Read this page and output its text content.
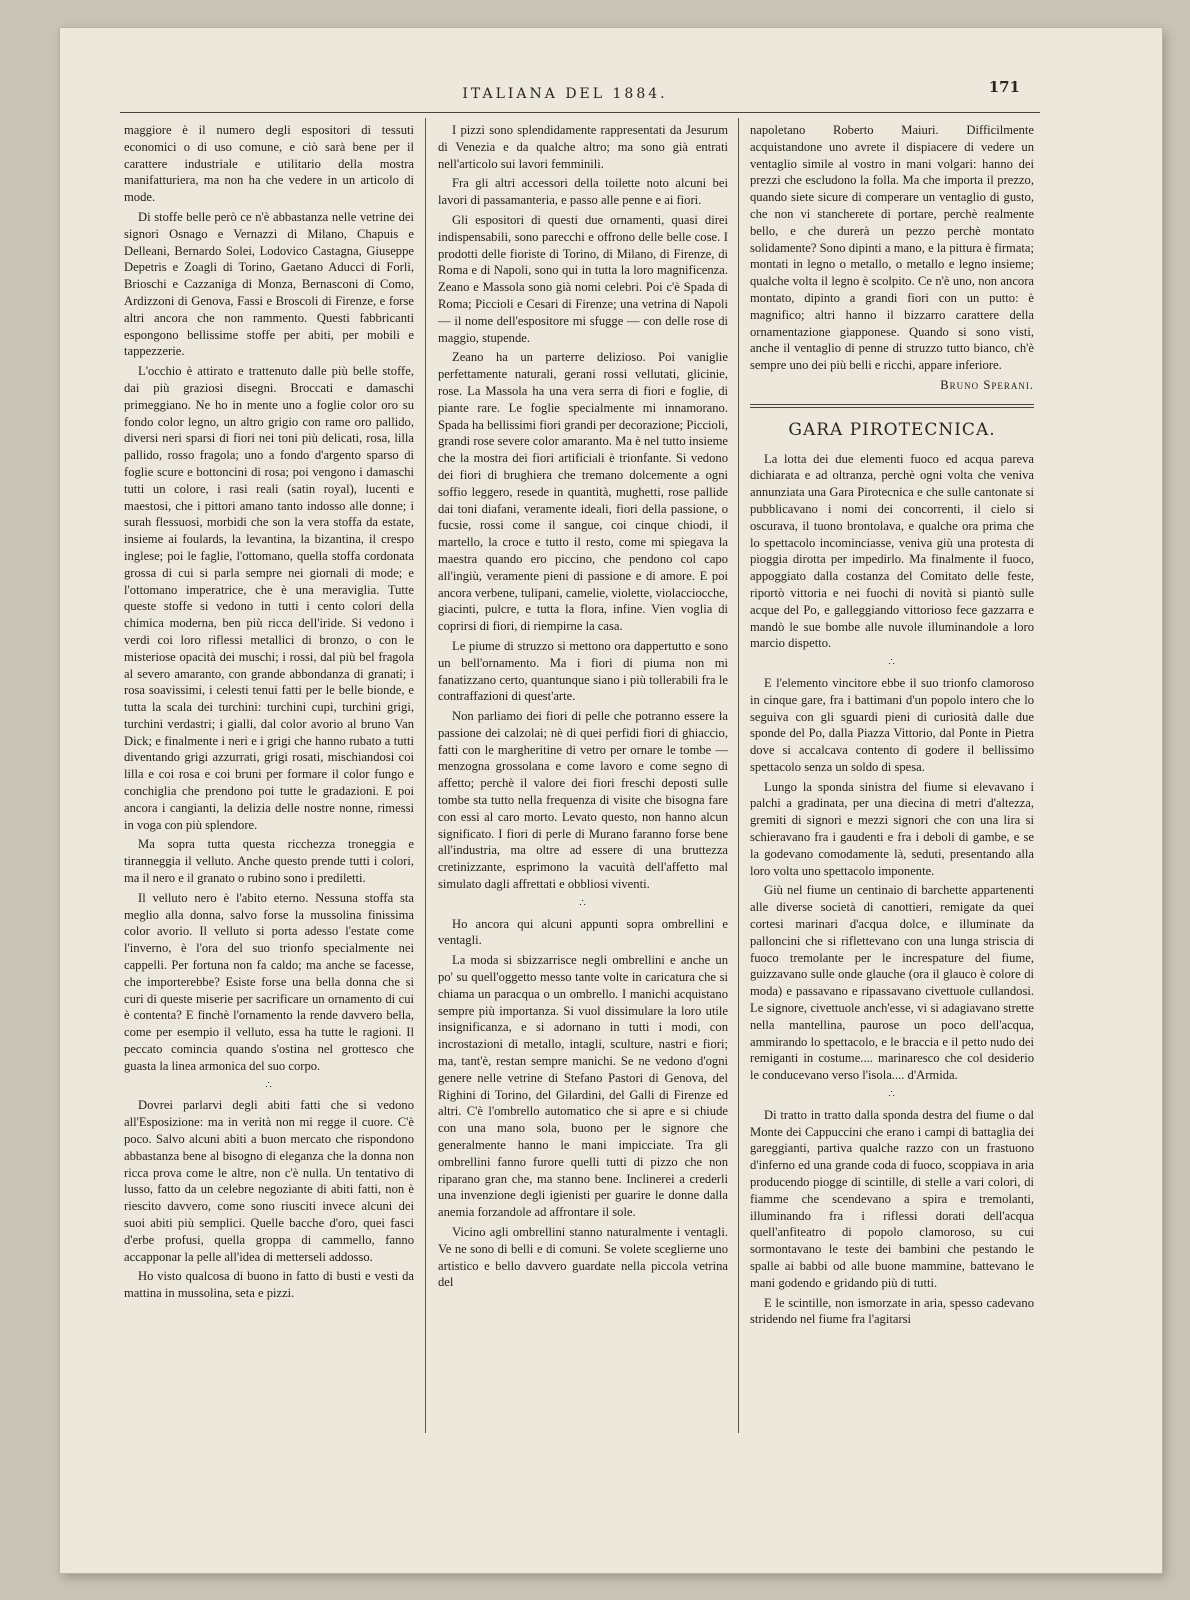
ITALIANA DEL 1884.	171

maggiore è il numero degli espositori di tessuti economici o di uso comune, e ciò sarà bene per il carattere industriale e utilitario della mostra manifatturiera, ma non ha che vedere in un articolo di mode.

Di stoffe belle però ce n'è abbastanza nelle vetrine dei signori Osnago e Vernazzi di Milano, Chapuis e Delleani, Bernardo Solei, Lodovico Castagna, Giuseppe Depetris e Zoagli di Torino, Gaetano Aducci di Forlì, Brioschi e Cazzaniga di Monza, Bernasconi di Como, Ardizzoni di Genova, Fassi e Broscoli di Firenze, e forse altri ancora che non rammento. Questi fabbricanti espongono bellissime stoffe per abiti, per mobili e tappezzerie.

L'occhio è attirato e trattenuto dalle più belle stoffe, dai più graziosi disegni. Broccati e damaschi primeggiano. Ne ho in mente uno a foglie color oro su fondo color legno, un altro grigio con rame oro pallido, diversi neri sparsi di fiori nei toni più delicati, rosa, lilla pallido, rosso fragola; uno a fondo d'argento sparso di foglie scure e bottoncini di rosa; poi vengono i damaschi tutti un colore, i rasi reali (satin royal), lucenti e maestosi, che i pittori amano tanto indosso alle donne; i surah flessuosi, morbidi che son la vera stoffa da estate, insieme ai foulards, la levantina, la bizantina, il crespo inglese; poi le faglie, l'ottomano, quella stoffa cordonata grossa di cui si parla sempre nei giornali di mode; e l'ottomano imperatrice, che è una meraviglia. Tutte queste stoffe si vedono in tutti i cento colori della chimica moderna, ben più ricca dell'iride. Si vedono i verdi coi loro riflessi metallici di bronzo, o con le misteriose opacità dei muschi; i rossi, dal più bel fragola al severo amaranto, con grande abbondanza di granati; i rosa soavissimi, i celesti tenui fatti per le belle bionde, e tutta la scala dei turchini: turchini cupi, turchini grigi, turchini verdastri; i gialli, dal color avorio al bruno Van Dick; e finalmente i neri e i grigi che hanno rubato a tutti diventando grigi azzurrati, grigi rosati, mischiandosi coi lilla e coi rosa e coi bruni per formare il color fungo e conchiglia che prendono poi tutte le gradazioni. E poi ancora i cangianti, la delizia delle nostre nonne, rimessi in voga con più splendore.

Ma sopra tutta questa ricchezza troneggia e tiranneggia il velluto. Anche questo prende tutti i colori, ma il nero e il granato o rubino sono i prediletti.

Il velluto nero è l'abito eterno. Nessuna stoffa sta meglio alla donna, salvo forse la mussolina finissima color avorio. Il velluto si porta adesso l'estate come l'inverno, è l'ora del suo trionfo specialmente nei cappelli. Per fortuna non fa caldo; ma anche se facesse, che importerebbe? Esiste forse una bella donna che si curi di queste miserie per sacrificare un ornamento di cui è contenta? E finchè l'ornamento la rende davvero bella, come per esempio il velluto, essa ha tutte le ragioni. Il peccato comincia quando s'ostina nel grottesco che guasta la linea armonica del suo corpo.

∴

Dovrei parlarvi degli abiti fatti che si vedono all'Esposizione: ma in verità non mi regge il cuore. C'è poco. Salvo alcuni abiti a buon mercato che rispondono abbastanza bene al bisogno di eleganza che la donna non ricca prova come le altre, non c'è nulla. Un tentativo di lusso, fatto da un celebre negoziante di abiti fatti, non è riescito davvero, come sono riusciti invece alcuni dei suoi abiti più semplici. Quelle bacche d'oro, quei fasci d'erbe profusi, quella groppa di cammello, fanno accapponar la pelle all'idea di metterseli addosso.

Ho visto qualcosa di buono in fatto di busti e vesti da mattina in mussolina, seta e pizzi.

I pizzi sono splendidamente rappresentati da Jesurum di Venezia e da qualche altro; ma sono già entrati nell'articolo sui lavori femminili.

Fra gli altri accessori della toilette noto alcuni bei lavori di passamanteria, e passo alle penne e ai fiori.

Gli espositori di questi due ornamenti, quasi direi indispensabili, sono parecchi e offrono delle belle cose. I prodotti delle fioriste di Torino, di Milano, di Firenze, di Roma e di Napoli, sono qui in tutta la loro magnificenza. Zeano e Massola sono già nomi celebri. Poi c'è Spada di Roma; Piccioli e Cesari di Firenze; una vetrina di Napoli — il nome dell'espositore mi sfugge — con delle rose di maggio, stupende.

Zeano ha un parterre delizioso. Poi vaniglie perfettamente naturali, gerani rossi vellutati, glicinie, rose. La Massola ha una vera serra di fiori e foglie, di piante rare. Le foglie specialmente mi innamorano. Spada ha bellissimi fiori grandi per decorazione; Piccioli, grandi rose severe color amaranto. Ma è nel tutto insieme che la mostra dei fiori artificiali è trionfante. Si vedono dei fiori di brughiera che tremano dolcemente a ogni soffio leggero, resede in quantità, mughetti, rose pallide dai toni diafani, veramente ideali, fiori della passione, o fucsie, rossi come il sangue, coi cinque chiodi, il martello, la croce e tutto il resto, come mi spiegava la maestra quando ero piccino, che pendono col capo all'ingiù, veramente pieni di passione e di amore. E poi ancora verbene, tulipani, camelie, violette, violacciocche, giacinti, pulcre, e tutta la flora, infine. Vien voglia di coprirsi di fiori, di riempirne la casa.

Le piume di struzzo si mettono ora dappertutto e sono un bell'ornamento. Ma i fiori di piuma non mi fanatizzano certo, quantunque siano i più tollerabili fra le contraffazioni di quest'arte.

Non parliamo dei fiori di pelle che potranno essere la passione dei calzolai; nè di quei perfidi fiori di ghiaccio, fatti con le margheritine di vetro per ornare le tombe — menzogna grossolana e come lavoro e come segno di affetto; perchè il valore dei fiori freschi deposti sulle tombe sta tutto nella frequenza di visite che bisogna fare con essi al caro morto. Levato questo, non hanno alcun significato. I fiori di perle di Murano faranno forse bene all'industria, ma oltre ad essere di una bruttezza cretinizzante, esprimono la vacuità dell'affetto mal simulato dagli affrettati e obbliosi viventi.

∴

Ho ancora qui alcuni appunti sopra ombrellini e ventagli.

La moda si sbizzarrisce negli ombrellini e anche un po' su quell'oggetto messo tante volte in caricatura che si chiama un paracqua o un ombrello. I manichi acquistano sempre più importanza. Si vuol dissimulare la loro utile insignificanza, e si adornano in tutti i modi, con incrostazioni di metallo, intagli, sculture, nastri e fiori; ma, tant'è, restan sempre manichi. Se ne vedono d'ogni genere nelle vetrine di Stefano Pastori di Genova, del Righini di Torino, del Gilardini, del Galli di Firenze ed altri. C'è l'ombrello automatico che si apre e si chiude con una mano sola, buono per le signore che generalmente hanno le mani impicciate. Tra gli ombrellini fanno furore quelli tutti di pizzo che non riparano gran che, ma stanno bene. Inclinerei a crederli una invenzione degli igienisti per guarire le donne dalla anemia forzandole ad affrontare il sole.

Vicino agli ombrellini stanno naturalmente i ventagli. Ve ne sono di belli e di comuni. Se volete sceglierne uno artistico e bello davvero guardate nella piccola vetrina del

napoletano Roberto Maiuri. Difficilmente acquistandone uno avrete il dispiacere di vedere un ventaglio simile al vostro in mani volgari: hanno dei prezzi che escludono la folla. Ma che importa il prezzo, quando siete sicure di comperare un ventaglio di gusto, che non vi stancherete di portare, perchè realmente bello, e che durerà un pezzo perchè montato solidamente? Sono dipinti a mano, e la pittura è firmata; montati in legno o metallo, o metallo e legno insieme; qualche volta il legno è scolpito. Ce n'è uno, non ancora montato, dipinto a grandi fiori con un putto: è magnifico; altri hanno il bizzarro carattere della ornamentazione giapponese. Quando si sono visti, anche il ventaglio di penne di struzzo tutto bianco, ch'è sempre uno dei più belli e ricchi, appare inferiore.

Bruno Sperani.

GARA PIROTECNICA.

La lotta dei due elementi fuoco ed acqua pareva dichiarata e ad oltranza, perchè ogni volta che veniva annunziata una Gara Pirotecnica e che sulle cantonate si pubblicavano i nomi dei concorrenti, il cielo si oscurava, il tuono brontolava, e qualche ora prima che lo spettacolo incominciasse, veniva giù una protesta di pioggia dirotta per impedirlo. Ma finalmente il fuoco, appoggiato dalla costanza del Comitato delle feste, riportò vittoria e nei fuochi di novità si piantò sulle acque del Po, e galleggiando vittorioso fece gazzarra e mandò le sue bombe alle nuvole illuminandole a loro marcio dispetto.

∴

E l'elemento vincitore ebbe il suo trionfo clamoroso in cinque gare, fra i battimani d'un popolo intero che lo seguiva con gli sguardi pieni di curiosità dalle due sponde del Po, dalla Piazza Vittorio, dal Ponte in Pietra dove si accalcava contento di godere il bellissimo spettacolo senza un soldo di spesa.

Lungo la sponda sinistra del fiume si elevavano i palchi a gradinata, per una diecina di metri d'altezza, gremiti di signori e mezzi signori che con una lira si schieravano fra i gaudenti e fra i deboli di gambe, e se la godevano comodamente là, seduti, presentando alla loro volta uno spettacolo imponente.

Giù nel fiume un centinaio di barchette appartenenti alle diverse società di canottieri, remigate da quei cortesi marinari d'acqua dolce, e illuminate da palloncini che si riflettevano con una lunga striscia di fuoco tremolante per le increspature del fiume, guizzavano sulle onde glauche (ora il glauco è colore di moda) e passavano e ripassavano civettuole cullandosi. Le signore, civettuole anch'esse, vi si adagiavano strette nella mantellina, paurose un poco dell'acqua, ammirando lo spettacolo, e le braccia e il petto nudo dei remiganti in costume.... marinaresco che col desiderio le conducevano verso l'isola.... d'Armida.

∴

Di tratto in tratto dalla sponda destra del fiume o dal Monte dei Cappuccini che erano i campi di battaglia dei gareggianti, partiva qualche razzo con un frastuono d'inferno ed una grande coda di fuoco, scoppiava in aria producendo piogge di scintille, di stelle a vari colori, di fiamme che scendevano a spira e tremolanti, illuminando fra i riflessi dorati dell'acqua quell'anfiteatro di popolo clamoroso, su cui sormontavano le teste dei bambini che pestando le spalle ai babbi od alle buone mammine, battevano le mani godendo e gridando più di tutti.

E le scintille, non ismorzate in aria, spesso cadevano stridendo nel fiume fra l'agitarsi
